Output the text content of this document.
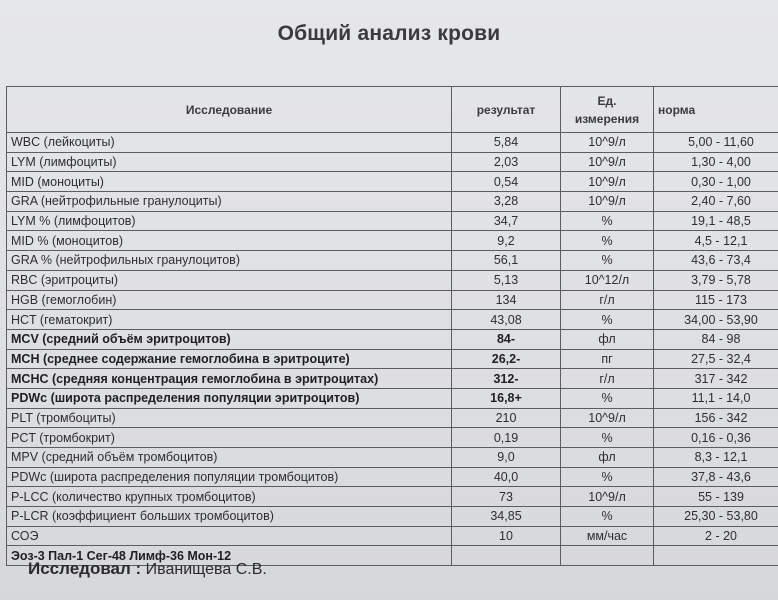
Общий анализ крови
Исследование	результат	Ед. измерения	норма
WBC (лейкоциты)	5,84	10^9/л	5,00 - 11,60
LYM (лимфоциты)	2,03	10^9/л	1,30 - 4,00
MID (моноциты)	0,54	10^9/л	0,30 - 1,00
GRA (нейтрофильные гранулоциты)	3,28	10^9/л	2,40 - 7,60
LYM % (лимфоцитов)	34,7	%	19,1 - 48,5
MID % (моноцитов)	9,2	%	4,5 - 12,1
GRA % (нейтрофильных гранулоцитов)	56,1	%	43,6 - 73,4
RBC (эритроциты)	5,13	10^12/л	3,79 - 5,78
HGB (гемоглобин)	134	г/л	115 - 173
HCT (гематокрит)	43,08	%	34,00 - 53,90
MCV (средний объём эритроцитов)	84-	фл	84 - 98
MCH (среднее содержание гемоглобина в эритроците)	26,2-	пг	27,5 - 32,4
MCHC (средняя концентрация гемоглобина в эритроцитах)	312-	г/л	317 - 342
PDWc (широта распределения популяции эритроцитов)	16,8+	%	11,1 - 14,0
PLT (тромбоциты)	210	10^9/л	156 - 342
PCT (тромбокрит)	0,19	%	0,16 - 0,36
MPV (средний объём тромбоцитов)	9,0	фл	8,3 - 12,1
PDWc (широта распределения популяции тромбоцитов)	40,0	%	37,8 - 43,6
P-LCC (количество крупных тромбоцитов)	73	10^9/л	55 - 139
P-LCR (коэффициент больших тромбоцитов)	34,85	%	25,30 - 53,80
СОЭ	10	мм/час	2 - 20
Эоз-3 Пал-1 Сег-48 Лимф-36 Мон-12			
Исследовал : Иванищева С.В.
